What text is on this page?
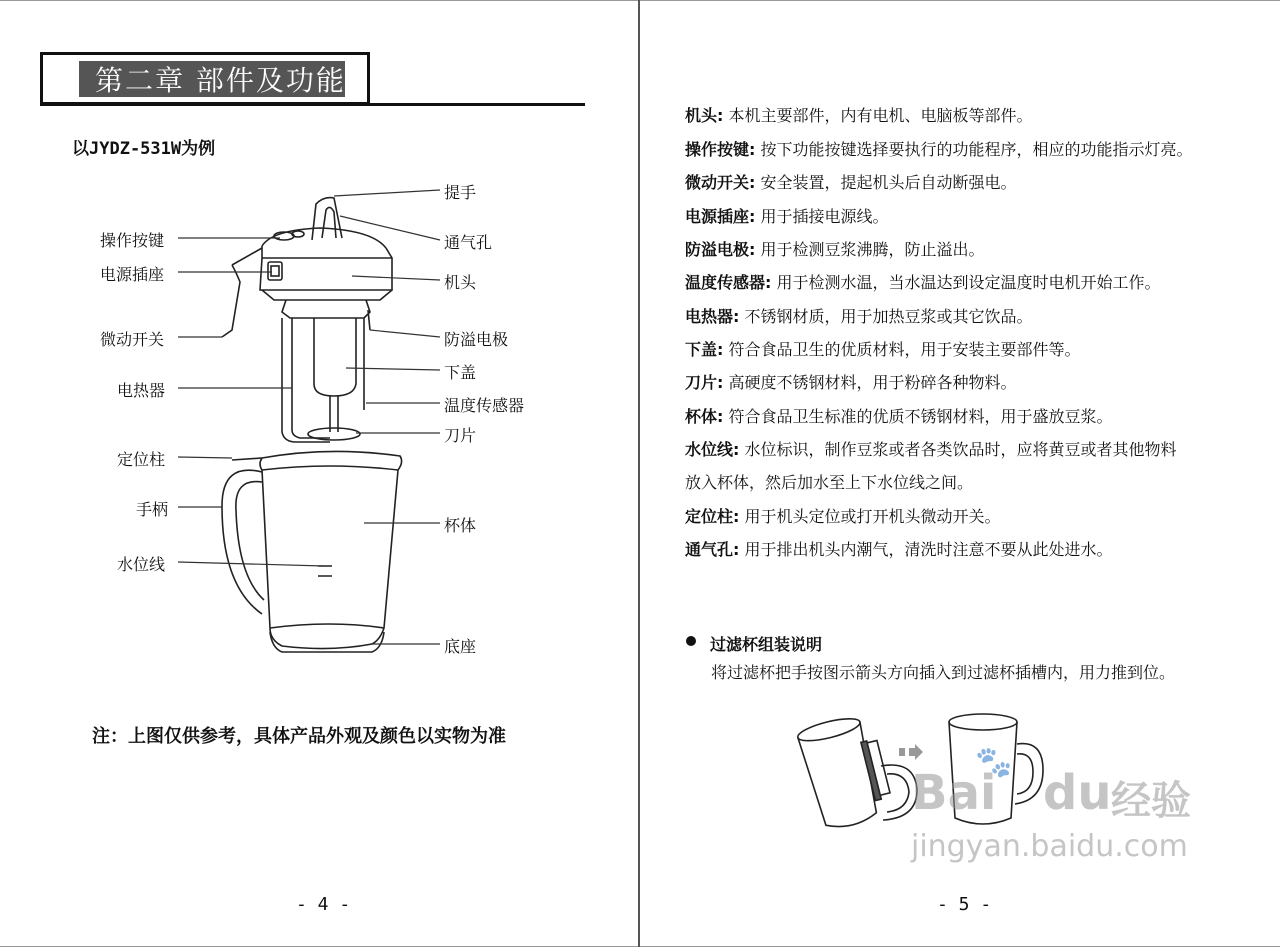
第二章 部件及功能
以JYDZ-531W为例
操作按键
电源插座
微动开关
电热器
定位柱
手柄
水位线
提手
通气孔
机头
防溢电极
下盖
温度传感器
刀片
杯体
底座
注：上图仅供参考，具体产品外观及颜色以实物为准
- 4 -
机头: 本机主要部件，内有电机、电脑板等部件。
操作按键: 按下功能按键选择要执行的功能程序，相应的功能指示灯亮。
微动开关: 安全装置，提起机头后自动断强电。
电源插座: 用于插接电源线。
防溢电极: 用于检测豆浆沸腾，防止溢出。
温度传感器: 用于检测水温，当水温达到设定温度时电机开始工作。
电热器: 不锈钢材质，用于加热豆浆或其它饮品。
下盖: 符合食品卫生的优质材料，用于安装主要部件等。
刀片: 高硬度不锈钢材料，用于粉碎各种物料。
杯体: 符合食品卫生标准的优质不锈钢材料，用于盛放豆浆。
水位线: 水位标识，制作豆浆或者各类饮品时，应将黄豆或者其他物料
放入杯体，然后加水至上下水位线之间。
定位柱: 用于机头定位或打开机头微动开关。
通气孔: 用于排出机头内潮气，清洗时注意不要从此处进水。
过滤杯组装说明
将过滤杯把手按图示箭头方向插入到过滤杯插槽内，用力推到位。
Bai
🐾
du 经验
jingyan.baidu.com
- 5 -
